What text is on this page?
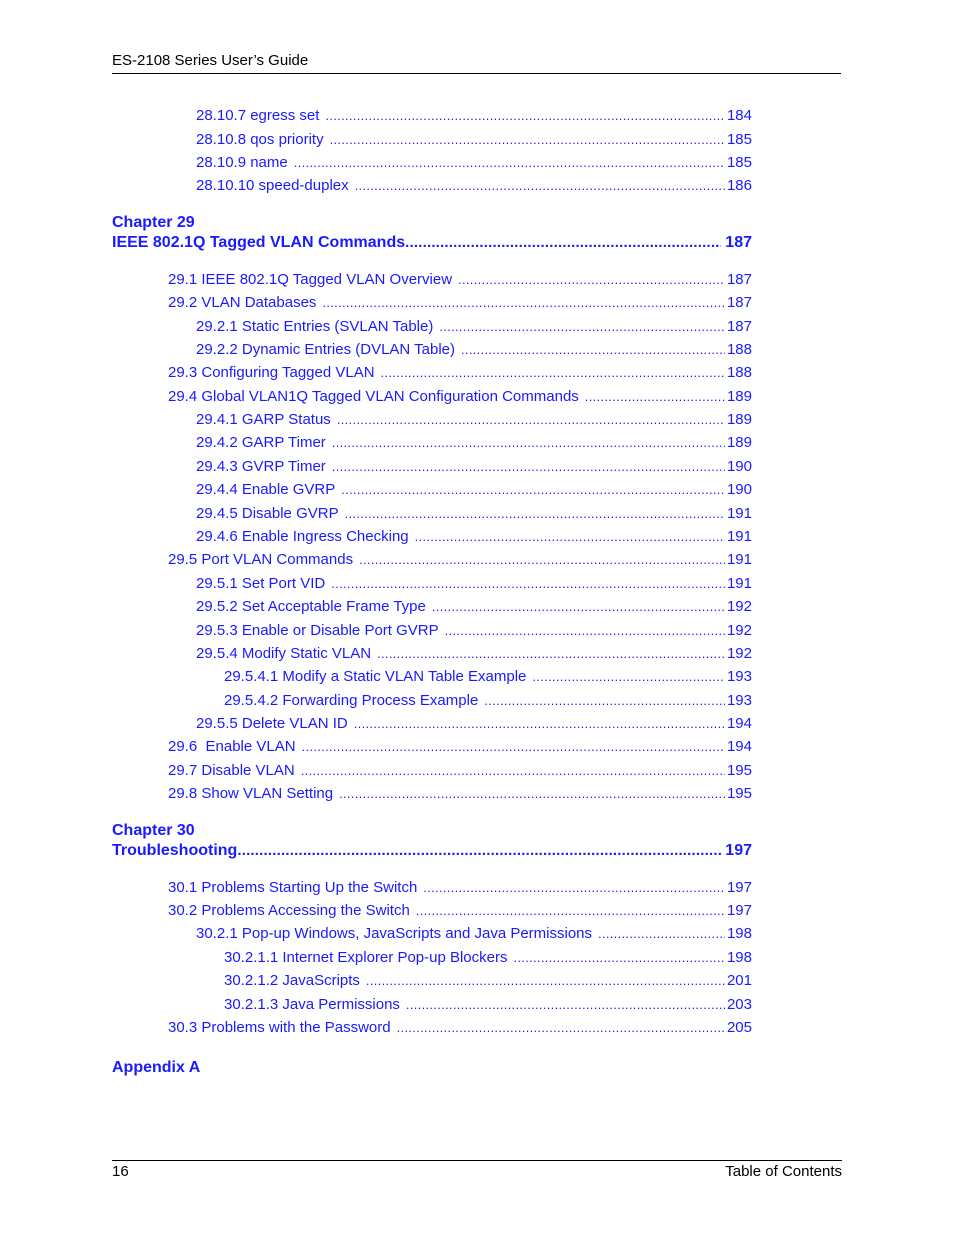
ES-2108 Series User’s Guide
28.10.7 egress set .....	184
28.10.8 qos priority .....	185
28.10.9 name .....	185
28.10.10 speed-duplex .....	186
Chapter 29
IEEE 802.1Q Tagged VLAN Commands .....	187
29.1 IEEE 802.1Q Tagged VLAN Overview .....	187
29.2 VLAN Databases .....	187
29.2.1 Static Entries (SVLAN Table) .....	187
29.2.2 Dynamic Entries (DVLAN Table) .....	188
29.3 Configuring Tagged VLAN .....	188
29.4 Global VLAN1Q Tagged VLAN Configuration Commands .....	189
29.4.1 GARP Status .....	189
29.4.2 GARP Timer .....	189
29.4.3 GVRP Timer .....	190
29.4.4 Enable GVRP .....	190
29.4.5 Disable GVRP .....	191
29.4.6 Enable Ingress Checking .....	191
29.5 Port VLAN Commands .....	191
29.5.1 Set Port VID .....	191
29.5.2 Set Acceptable Frame Type .....	192
29.5.3 Enable or Disable Port GVRP .....	192
29.5.4 Modify Static VLAN .....	192
29.5.4.1 Modify a Static VLAN Table Example .....	193
29.5.4.2 Forwarding Process Example .....	193
29.5.5 Delete VLAN ID .....	194
29.6  Enable VLAN .....	194
29.7 Disable VLAN .....	195
29.8 Show VLAN Setting .....	195
Chapter 30
Troubleshooting .....	197
30.1 Problems Starting Up the Switch .....	197
30.2 Problems Accessing the Switch .....	197
30.2.1 Pop-up Windows, JavaScripts and Java Permissions .....	198
30.2.1.1 Internet Explorer Pop-up Blockers .....	198
30.2.1.2 JavaScripts .....	201
30.2.1.3 Java Permissions .....	203
30.3 Problems with the Password .....	205
Appendix A
16	Table of Contents
